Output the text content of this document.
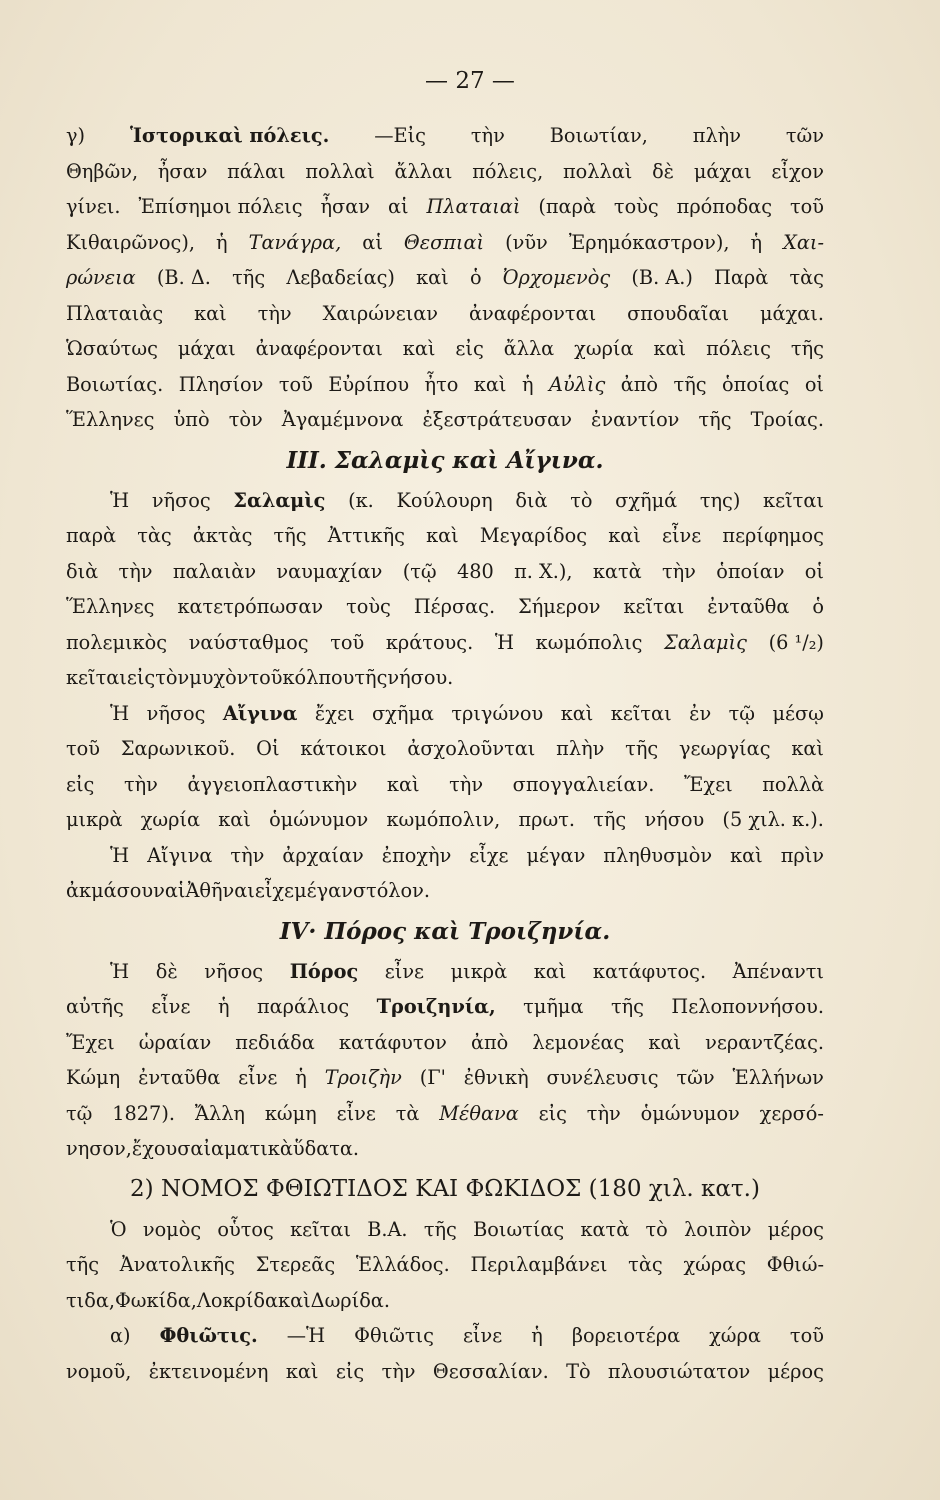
— 27 —
γ) Ἱστορικαὶ πόλεις. —Εἰς τὴν Βοιωτίαν, πλὴν τῶν
Θηβῶν, ἦσαν πάλαι πολλαὶ ἄλλαι πόλεις, πολλαὶ δὲ μάχαι εἶχον
γίνει. Ἐπίσημοι πόλεις ἦσαν αἱ Πλαταιαὶ (παρὰ τοὺς πρόποδας τοῦ
Κιθαιρῶνος), ἡ Τανάγρα, αἱ Θεσπιαὶ (νῦν Ἐρημόκαστρον), ἡ Χαι-
ρώνεια (Β. Δ. τῆς Λεβαδείας) καὶ ὁ Ὀρχομενὸς (Β. Α.) Παρὰ τὰς
Πλαταιὰς καὶ τὴν Χαιρώνειαν ἀναφέρονται σπουδαῖαι μάχαι.
Ὡσαύτως μάχαι ἀναφέρονται καὶ εἰς ἄλλα χωρία καὶ πόλεις τῆς
Βοιωτίας. Πλησίον τοῦ Εὐρίπου ἦτο καὶ ἡ Αὐλὶς ἀπὸ τῆς ὁποίας οἱ
Ἕλληνες ὑπὸ τὸν Ἀγαμέμνονα ἐξεστράτευσαν ἐναντίον τῆς Τροίας.
III. Σαλαμὶς καὶ Αἴγινα.
Ἡ νῆσος Σαλαμὶς (κ. Κούλουρη διὰ τὸ σχῆμά της) κεῖται
παρὰ τὰς ἀκτὰς τῆς Ἀττικῆς καὶ Μεγαρίδος καὶ εἶνε περίφημος
διὰ τὴν παλαιὰν ναυμαχίαν (τῷ 480 π. Χ.), κατὰ τὴν ὁποίαν οἱ
Ἕλληνες κατετρόπωσαν τοὺς Πέρσας. Σήμερον κεῖται ἐνταῦθα ὁ
πολεμικὸς ναύσταθμος τοῦ κράτους. Ἡ κωμόπολις Σαλαμὶς (6 ¹/₂)
κεῖται εἰς τὸν μυχὸν τοῦ κόλπου τῆς νήσου.
Ἡ νῆσος Αἴγινα ἔχει σχῆμα τριγώνου καὶ κεῖται ἐν τῷ μέσῳ
τοῦ Σαρωνικοῦ. Οἱ κάτοικοι ἀσχολοῦνται πλὴν τῆς γεωργίας καὶ
εἰς τὴν ἀγγειοπλαστικὴν καὶ τὴν σπογγαλιείαν. Ἔχει πολλὰ
μικρὰ χωρία καὶ ὁμώνυμον κωμόπολιν, πρωτ. τῆς νήσου (5 χιλ. κ.).
Ἡ Αἴγινα τὴν ἀρχαίαν ἐποχὴν εἶχε μέγαν πληθυσμὸν καὶ πρὶν
ἀκμάσουν αἱ Ἀθῆναι εἶχε μέγαν στόλον.
IV· Πόρος καὶ Τροιζηνία.
Ἡ δὲ νῆσος Πόρος εἶνε μικρὰ καὶ κατάφυτος. Ἀπέναντι
αὐτῆς εἶνε ἡ παράλιος Τροιζηνία, τμῆμα τῆς Πελοποννήσου.
Ἔχει ὡραίαν πεδιάδα κατάφυτον ἀπὸ λεμονέας καὶ νεραντζέας.
Κώμη ἐνταῦθα εἶνε ἡ Τροιζὴν (Γ' ἐθνικὴ συνέλευσις τῶν Ἑλλήνων
τῷ 1827). Ἄλλη κώμη εἶνε τὰ Μέθανα εἰς τὴν ὁμώνυμον χερσό-
νησον, ἔχουσα ἰαματικὰ ὕδατα.
2) ΝΟΜΟΣ ΦΘΙΩΤΙΔΟΣ ΚΑΙ ΦΩΚΙΔΟΣ (180 χιλ. κατ.)
Ὁ νομὸς οὗτος κεῖται Β.Α. τῆς Βοιωτίας κατὰ τὸ λοιπὸν μέρος
τῆς Ἀνατολικῆς Στερεᾶς Ἑλλάδος. Περιλαμβάνει τὰς χώρας Φθιώ-
τιδα, Φωκίδα, Λοκρίδα καὶ Δωρίδα.
α) Φθιῶτις. —Ἡ Φθιῶτις εἶνε ἡ βορειοτέρα χώρα τοῦ
νομοῦ, ἐκτεινομένη καὶ εἰς τὴν Θεσσαλίαν. Τὸ πλουσιώτατον μέρος
